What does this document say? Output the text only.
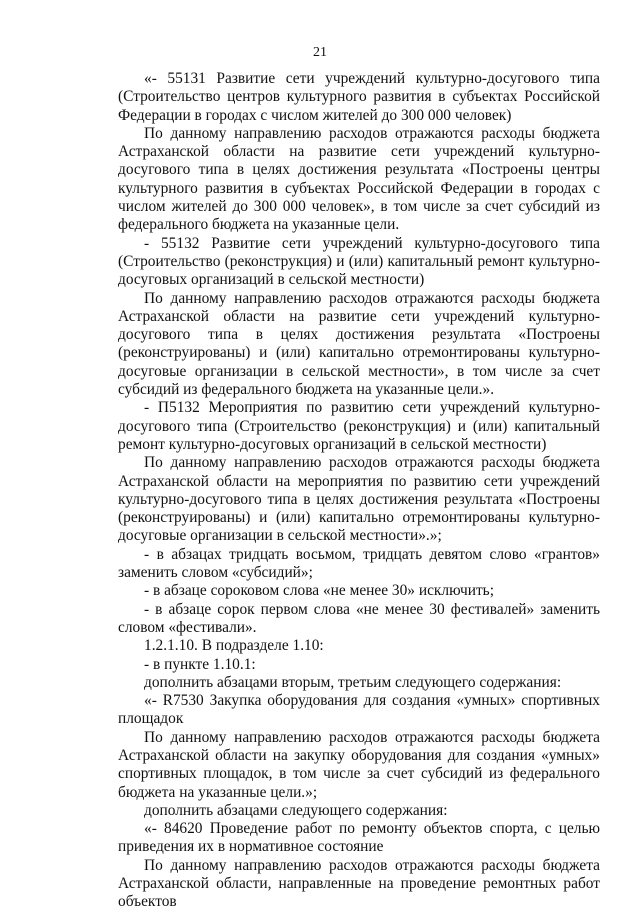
21

«- 55131 Развитие сети учреждений культурно-досугового типа (Строительство центров культурного развития в субъектах Российской Федерации в городах с числом жителей до 300 000 человек)

По данному направлению расходов отражаются расходы бюджета Астраханской области на развитие сети учреждений культурно-досугового типа в целях достижения результата «Построены центры культурного развития в субъектах Российской Федерации в городах с числом жителей до 300 000 человек», в том числе за счет субсидий из федерального бюджета на указанные цели.

- 55132 Развитие сети учреждений культурно-досугового типа (Строительство (реконструкция) и (или) капитальный ремонт культурно-досуговых организаций в сельской местности)

По данному направлению расходов отражаются расходы бюджета Астраханской области на развитие сети учреждений культурно-досугового типа в целях достижения результата «Построены (реконструированы) и (или) капитально отремонтированы культурно-досуговые организации в сельской местности», в том числе за счет субсидий из федерального бюджета на указанные цели.».

- П5132 Мероприятия по развитию сети учреждений культурно-досугового типа (Строительство (реконструкция) и (или) капитальный ремонт культурно-досуговых организаций в сельской местности)

По данному направлению расходов отражаются расходы бюджета Астраханской области на мероприятия по развитию сети учреждений культурно-досугового типа в целях достижения результата «Построены (реконструированы) и (или) капитально отремонтированы культурно-досуговые организации в сельской местности».»;

- в абзацах тридцать восьмом, тридцать девятом слово «грантов» заменить словом «субсидий»;

- в абзаце сороковом слова «не менее 30» исключить;

- в абзаце сорок первом слова «не менее 30 фестивалей» заменить словом «фестивали».

1.2.1.10. В подразделе 1.10:

- в пункте 1.10.1:

дополнить абзацами вторым, третьим следующего содержания:

«- R7530 Закупка оборудования для создания «умных» спортивных площадок

По данному направлению расходов отражаются расходы бюджета Астраханской области на закупку оборудования для создания «умных» спортивных площадок, в том числе за счет субсидий из федерального бюджета на указанные цели.»;

дополнить абзацами следующего содержания:

«- 84620 Проведение работ по ремонту объектов спорта, с целью приведения их в нормативное состояние

По данному направлению расходов отражаются расходы бюджета Астраханской области, направленные на проведение ремонтных работ объектов
